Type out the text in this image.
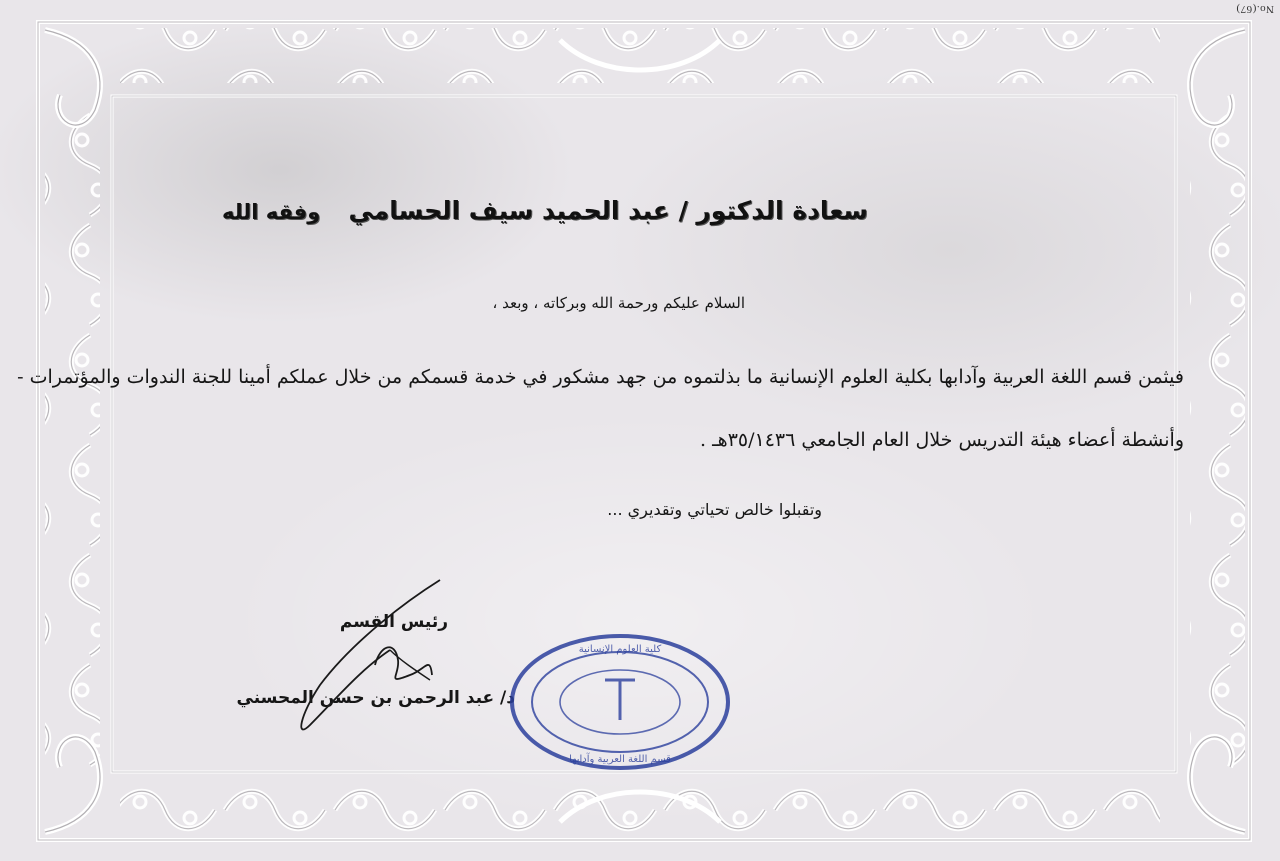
No.(67)
سعادة الدكتور / عبد الحميد سيف الحسامي
وفقه الله
السلام عليكم ورحمة الله وبركاته ، وبعد ،
فيثمن قسم اللغة العربية وآدابها بكلية العلوم الإنسانية ما بذلتموه من جهد مشكور في خدمة قسمكم من خلال عملكم أمينا للجنة الندوات والمؤتمرات -
وأنشطة أعضاء هيئة التدريس خلال العام الجامعي ٣٥/١٤٣٦هـ .
وتقبلوا خالص تحياتي وتقديري ...
رئيس القسم
د/ عبد الرحمن بن حسن المحسني
كلية العلوم الإنسانية
قسم اللغة العربية وآدابها
